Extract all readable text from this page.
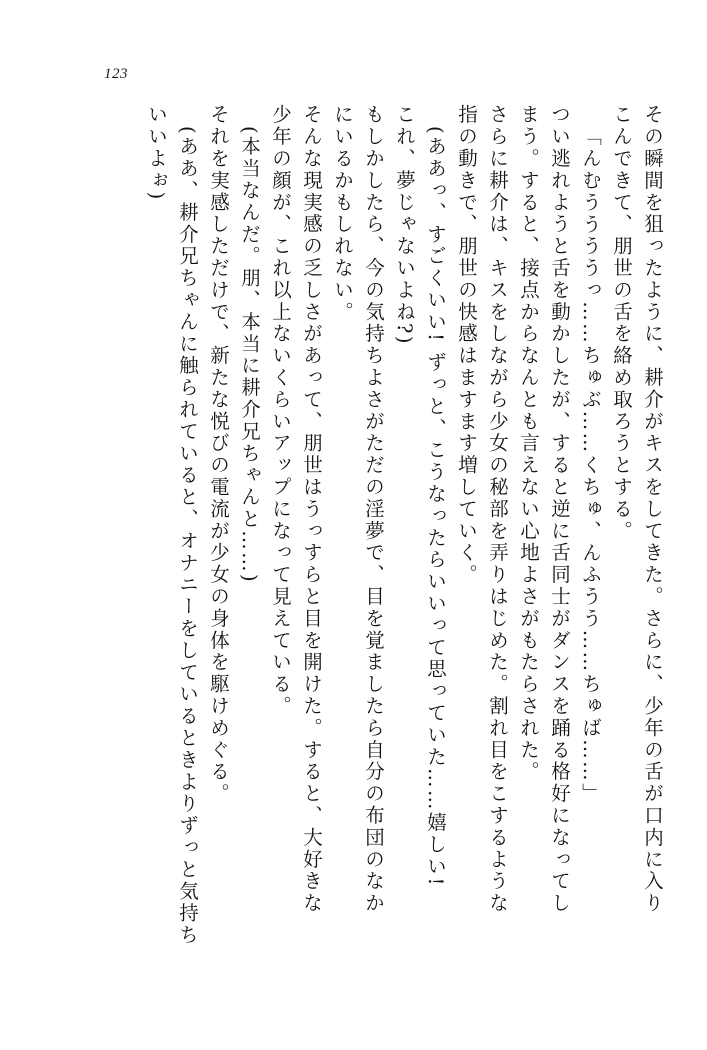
123
その瞬間を狙ったように、耕介がキスをしてきた。さらに、少年の舌が口内に入り
こんできて、朋世の舌を絡め取ろうとする。
「んむううううっ……ちゅぶ……くちゅ、んふうう……ちゅば……」
つい逃れようと舌を動かしたが、すると逆に舌同士がダンスを踊る格好になってし
まう。すると、接点からなんとも言えない心地よさがもたらされた。
さらに耕介は、キスをしながら少女の秘部を弄りはじめた。割れ目をこするような
指の動きで、朋世の快感はますます増していく。
(ああっ、すごくいい! ずっと、こうなったらいいって思っていた……嬉しい!
これ、夢じゃないよね?)
もしかしたら、今の気持ちよさがただの淫夢で、目を覚ましたら自分の布団のなか
にいるかもしれない。
そんな現実感の乏しさがあって、朋世はうっすらと目を開けた。すると、大好きな
少年の顔が、これ以上ないくらいアップになって見えている。
(本当なんだ。朋、本当に耕介兄ちゃんと……)
それを実感しただけで、新たな悦びの電流が少女の身体を駆けめぐる。
(ああ、耕介兄ちゃんに触られていると、オナニーをしているときよりずっと気持ち
いいよぉ)
